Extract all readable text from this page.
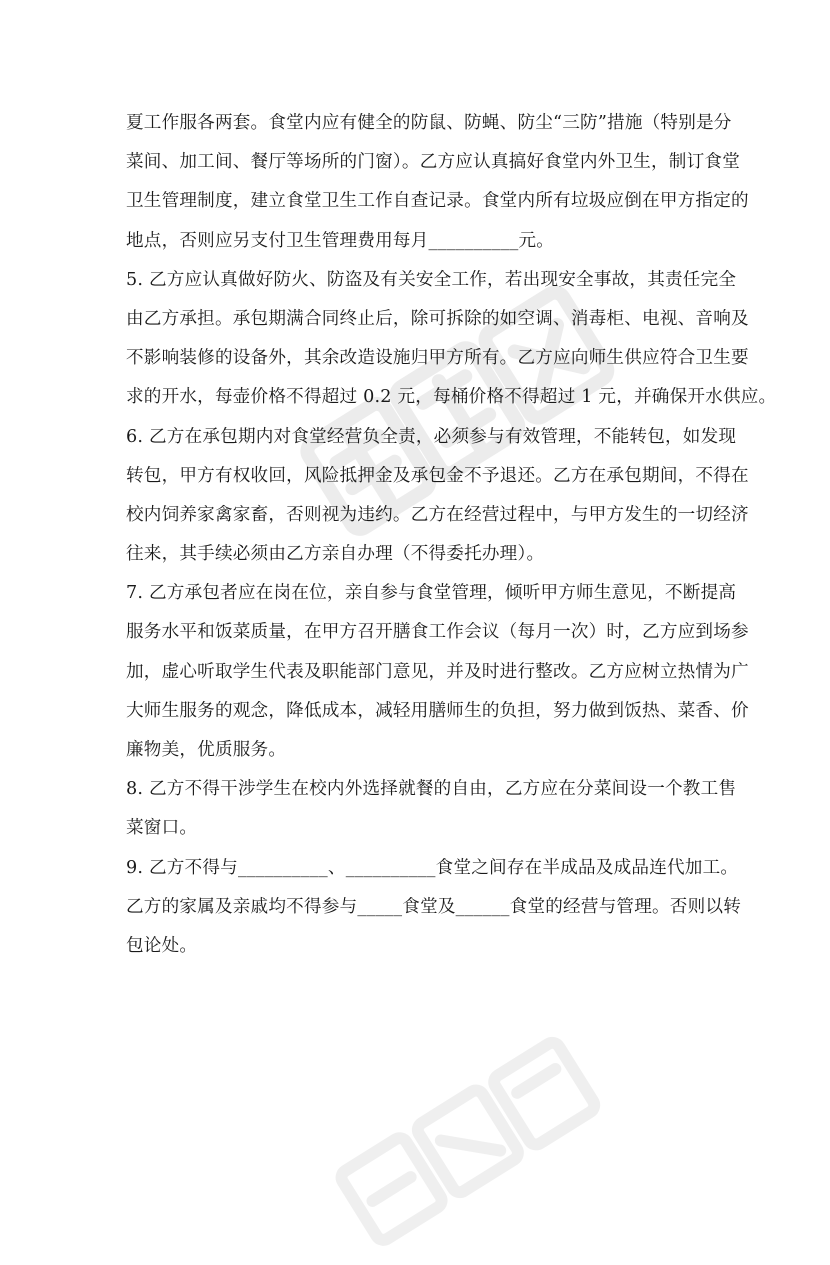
夏工作服各两套。食堂内应有健全的防鼠、防蝇、防尘“三防”措施（特别是分
菜间、加工间、餐厅等场所的门窗）。乙方应认真搞好食堂内外卫生，制订食堂
卫生管理制度，建立食堂卫生工作自查记录。食堂内所有垃圾应倒在甲方指定的
地点，否则应另支付卫生管理费用每月__________元。
5. 乙方应认真做好防火、防盗及有关安全工作，若出现安全事故，其责任完全
由乙方承担。承包期满合同终止后，除可拆除的如空调、消毒柜、电视、音响及
不影响装修的设备外，其余改造设施归甲方所有。乙方应向师生供应符合卫生要
求的开水，每壶价格不得超过 0.2 元，每桶价格不得超过 1 元，并确保开水供应。
6. 乙方在承包期内对食堂经营负全责，必须参与有效管理，不能转包，如发现
转包，甲方有权收回，风险抵押金及承包金不予退还。乙方在承包期间，不得在
校内饲养家禽家畜，否则视为违约。乙方在经营过程中，与甲方发生的一切经济
往来，其手续必须由乙方亲自办理（不得委托办理）。
7. 乙方承包者应在岗在位，亲自参与食堂管理，倾听甲方师生意见，不断提高
服务水平和饭菜质量，在甲方召开膳食工作会议（每月一次）时，乙方应到场参
加，虚心听取学生代表及职能部门意见，并及时进行整改。乙方应树立热情为广
大师生服务的观念，降低成本，减轻用膳师生的负担，努力做到饭热、菜香、价
廉物美，优质服务。
8. 乙方不得干涉学生在校内外选择就餐的自由，乙方应在分菜间设一个教工售
菜窗口。
9. 乙方不得与__________、__________食堂之间存在半成品及成品连代加工。
乙方的家属及亲戚均不得参与_____食堂及______食堂的经营与管理。否则以转
包论处。
